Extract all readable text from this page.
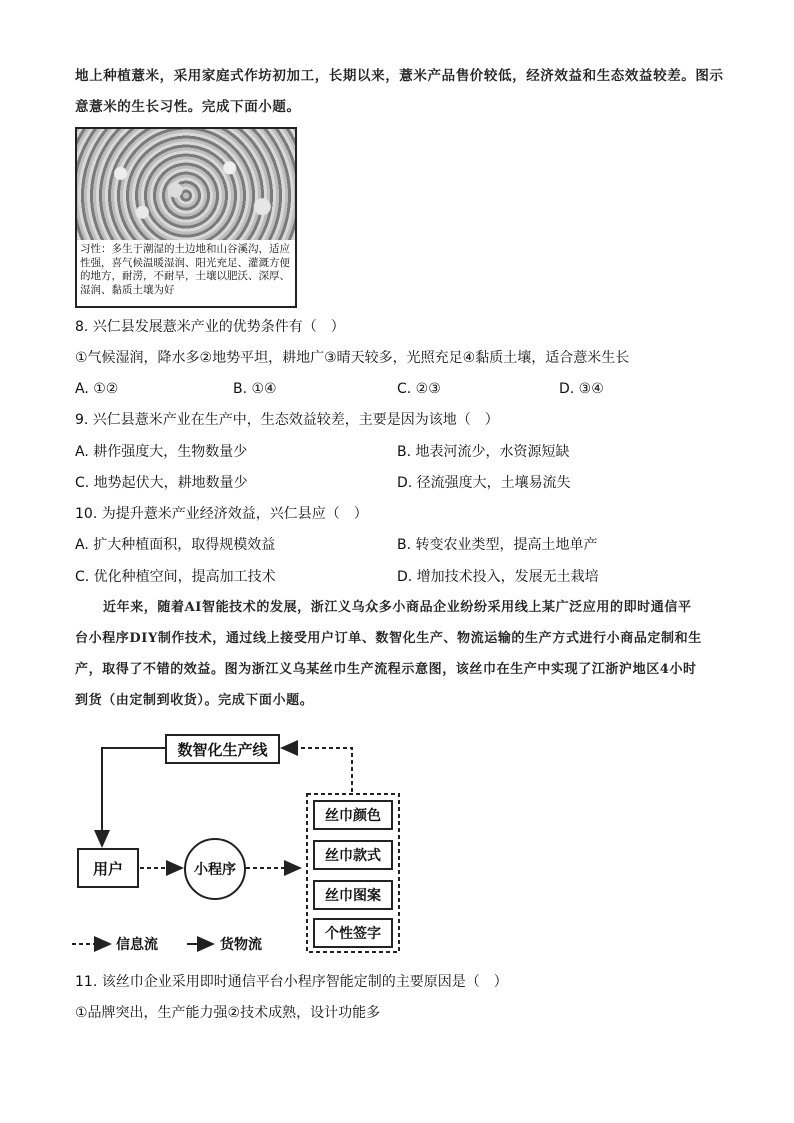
地上种植薏米，采用家庭式作坊初加工，长期以来，薏米产品售价较低，经济效益和生态效益较差。图示
意薏米的生长习性。完成下面小题。
习性：多生于潮湿的土边地和山谷溪沟，适应性强，喜气候温暖湿润、阳光充足、灌溉方便的地方，耐涝，不耐旱，土壤以肥沃、深厚、湿润、黏质土壤为好
8. 兴仁县发展薏米产业的优势条件有（　）
①气候湿润，降水多②地势平坦，耕地广③晴天较多，光照充足④黏质土壤，适合薏米生长
A. ①②	B. ①④	C. ②③	D. ③④
9. 兴仁县薏米产业在生产中，生态效益较差，主要是因为该地（　）
A. 耕作强度大，生物数量少	B. 地表河流少，水资源短缺
C. 地势起伏大，耕地数量少	D. 径流强度大，土壤易流失
10. 为提升薏米产业经济效益，兴仁县应（　）
A. 扩大种植面积，取得规模效益	B. 转变农业类型，提高土地单产
C. 优化种植空间，提高加工技术	D. 增加技术投入，发展无土栽培
近年来，随着AI智能技术的发展，浙江义乌众多小商品企业纷纷采用线上某广泛应用的即时通信平
台小程序DIY制作技术，通过线上接受用户订单、数智化生产、物流运输的生产方式进行小商品定制和生
产，取得了不错的效益。图为浙江义乌某丝巾生产流程示意图，该丝巾在生产中实现了江浙沪地区4小时
到货（由定制到收货）。完成下面小题。
数智化生产线
用户	小程序
丝巾颜色
丝巾款式
丝巾图案
个性签字
信息流	货物流
11. 该丝巾企业采用即时通信平台小程序智能定制的主要原因是（　）
①品牌突出，生产能力强②技术成熟，设计功能多
